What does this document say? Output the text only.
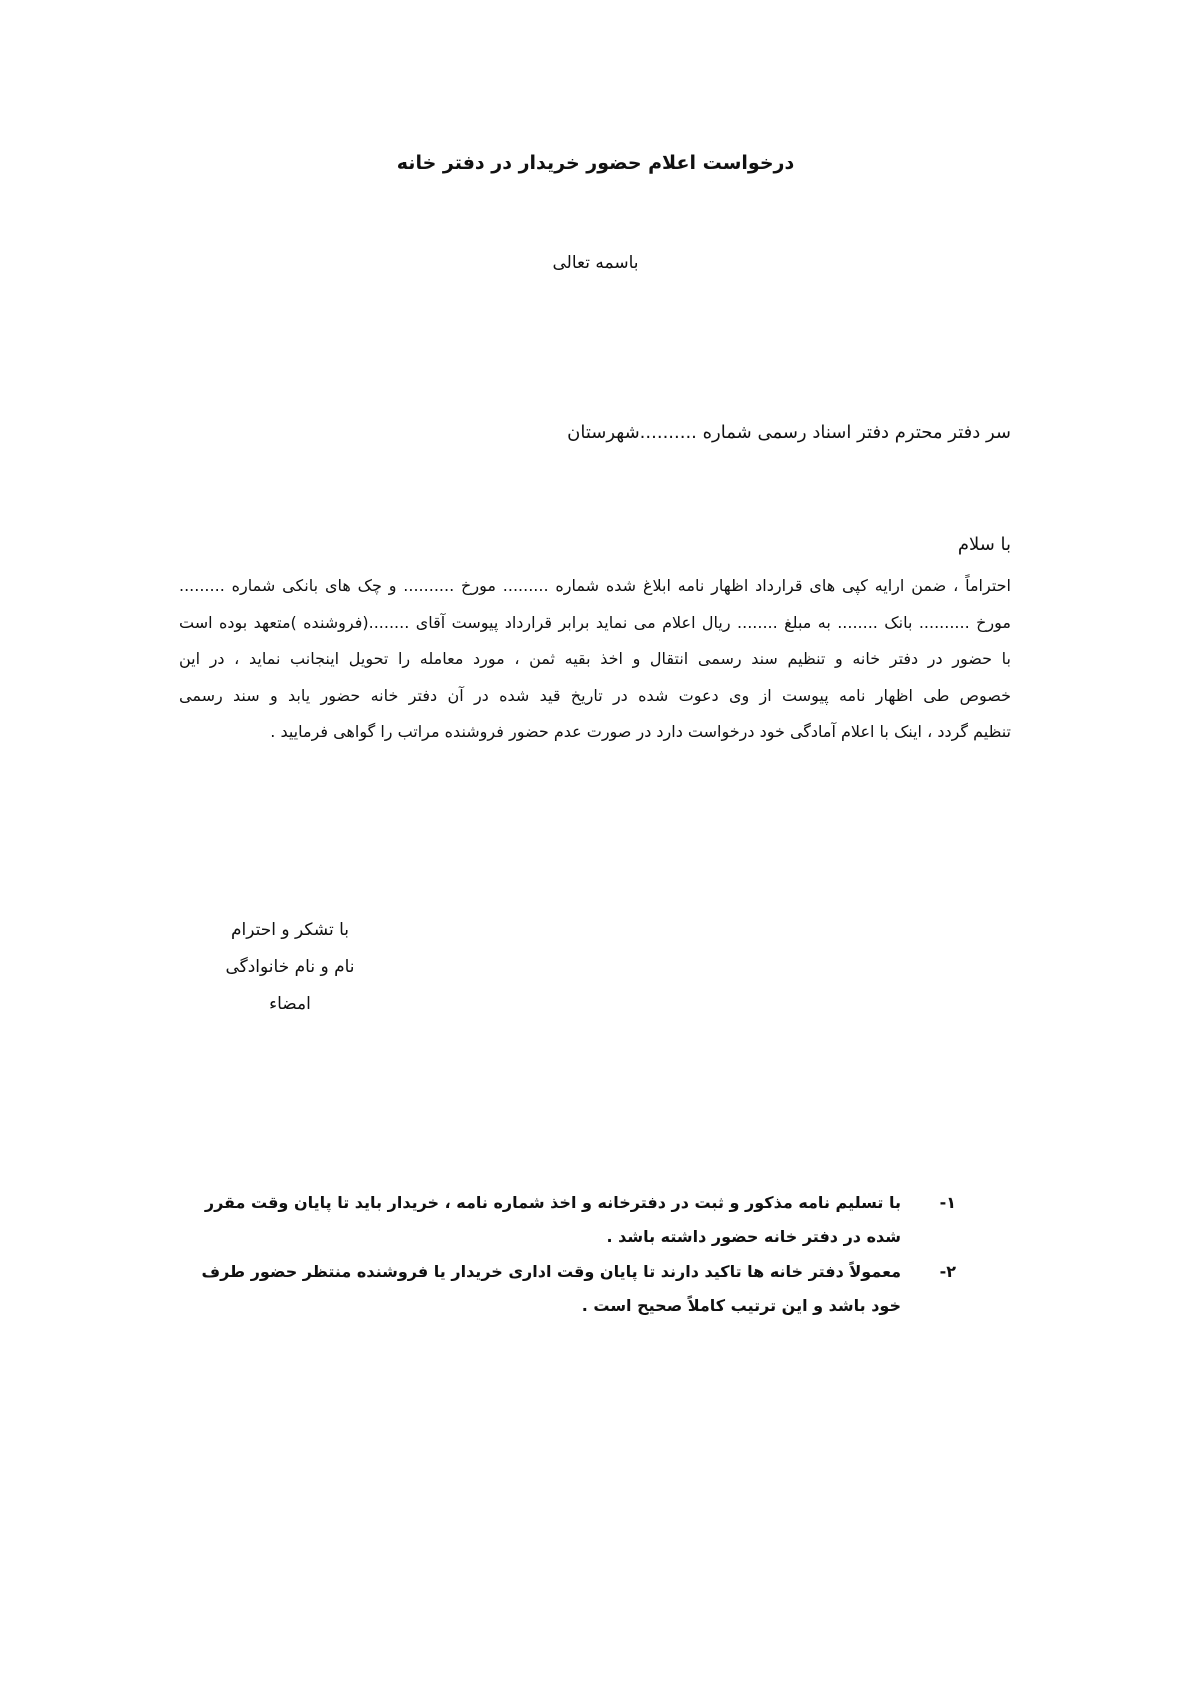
درخواست اعلام حضور خریدار در دفتر خانه

باسمه تعالی

سر دفتر محترم دفتر اسناد رسمی شماره ..........شهرستان

با سلام

احتراماً ، ضمن ارایه کپی های قرارداد اظهار نامه ابلاغ شده شماره ......... مورخ .......... و چک های بانکی شماره .........
مورخ .......... بانک ........ به مبلغ ........ ریال اعلام می نماید برابر قرارداد پیوست آقای ........(فروشنده )متعهد بوده است
با حضور در دفتر خانه و تنظیم سند رسمی انتقال و اخذ بقیه ثمن ، مورد معامله را تحویل اینجانب نماید ، در این
خصوص طی اظهار نامه پیوست از وی دعوت شده در تاریخ قید شده در آن دفتر خانه حضور یابد و سند رسمی
تنظیم گردد ، اینک با اعلام آمادگی خود درخواست دارد در صورت عدم حضور فروشنده مراتب را گواهی فرمایید .
با تشکر و احترام
نام و نام خانوادگی
امضاء
۱-
با تسلیم نامه مذکور و ثبت در دفترخانه و اخذ شماره نامه ، خریدار باید تا پایان وقت مقرر شده در دفتر خانه حضور داشته باشد .
۲-
معمولاً دفتر خانه ها تاکید دارند تا پایان وقت اداری خریدار یا فروشنده منتظر حضور طرف خود باشد و این ترتیب کاملاً صحیح است .
